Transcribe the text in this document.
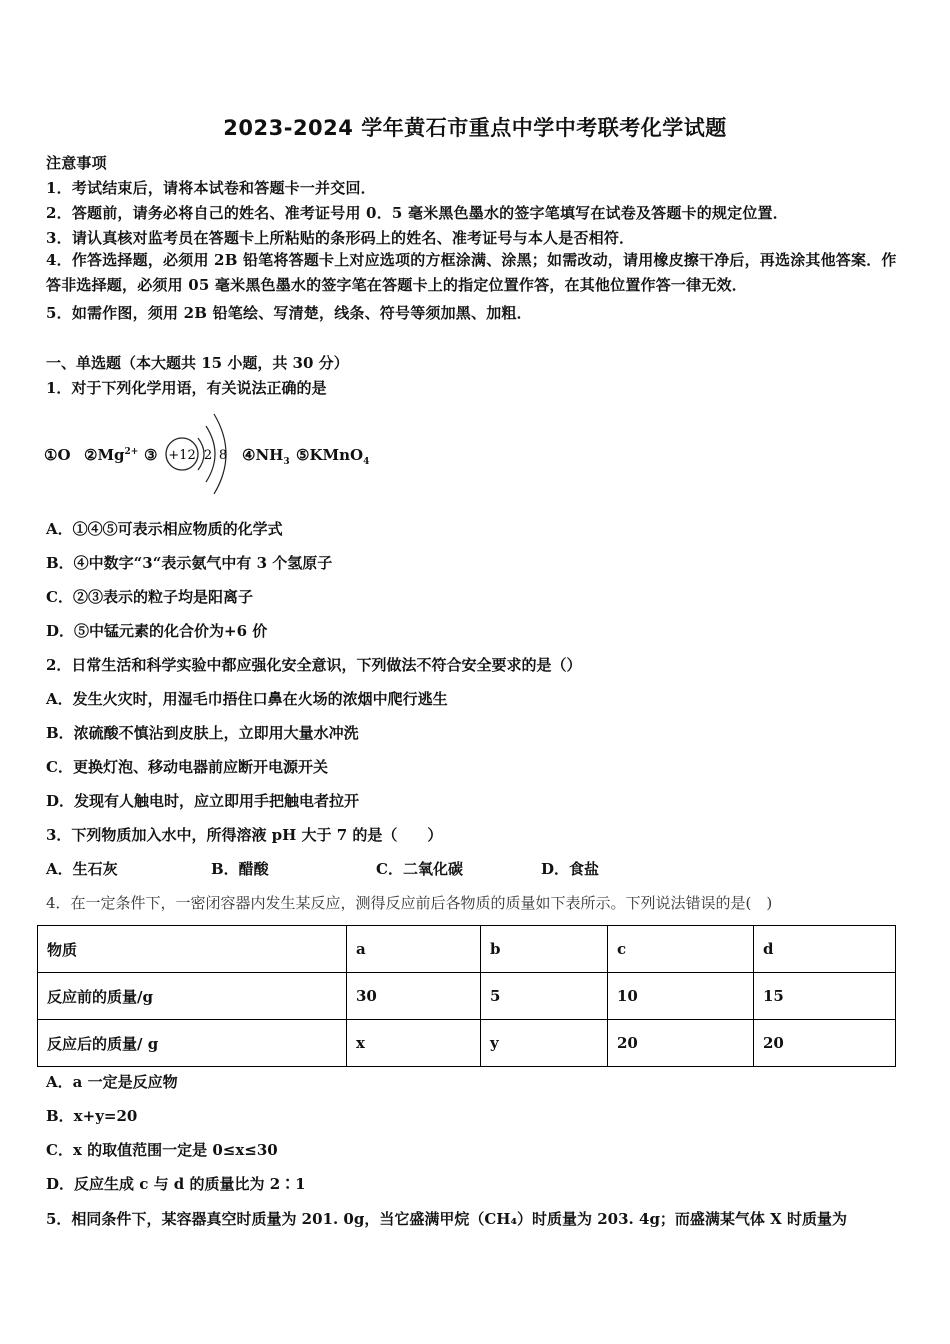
2023-2024 学年黄石市重点中学中考联考化学试题
注意事项
1．考试结束后，请将本试卷和答题卡一并交回．
2．答题前，请务必将自己的姓名、准考证号用 0．5 毫米黑色墨水的签字笔填写在试卷及答题卡的规定位置．
3．请认真核对监考员在答题卡上所粘贴的条形码上的姓名、准考证号与本人是否相符．
4．作答选择题，必须用 2B 铅笔将答题卡上对应选项的方框涂满、涂黑；如需改动，请用橡皮擦干净后，再选涂其他答案．作答非选择题，必须用 05 毫米黑色墨水的签字笔在答题卡上的指定位置作答，在其他位置作答一律无效．
5．如需作图，须用 2B 铅笔绘、写清楚，线条、符号等须加黑、加粗．
一、单选题（本大题共 15 小题，共 30 分）
1．对于下列化学用语，有关说法正确的是
①O $②Mg^{2+}$ ③ +12 2 8 $④NH_3$ ⑤KMnO$_4$
A．①④⑤可表示相应物质的化学式
B．④中数字“3“表示氨气中有 3 个氢原子
C．②③表示的粒子均是阳离子
D．⑤中锰元素的化合价为+6 价
2．日常生活和科学实验中都应强化安全意识，下列做法不符合安全要求的是（）
A．发生火灾时，用湿毛巾捂住口鼻在火场的浓烟中爬行逃生
B．浓硫酸不慎沾到皮肤上，立即用大量水冲洗
C．更换灯泡、移动电器前应断开电源开关
D．发现有人触电时，应立即用手把触电者拉开
3．下列物质加入水中，所得溶液 pH 大于 7 的是（　　）
A．生石灰	B．醋酸	C．二氧化碳	D．食盐
4．在一定条件下，一密闭容器内发生某反应，测得反应前后各物质的质量如下表所示。下列说法错误的是(　)
物质	a	b	c	d
反应前的质量/g	30	5	10	15
反应后的质量/ g	x	y	20	20
A．a 一定是反应物
B．x+y=20
C．x 的取值范围一定是 0≤x≤30
D．反应生成 c 与 d 的质量比为 2∶1
5．相同条件下，某容器真空时质量为 201. 0g，当它盛满甲烷（CH₄）时质量为 203. 4g；而盛满某气体 X 时质量为
